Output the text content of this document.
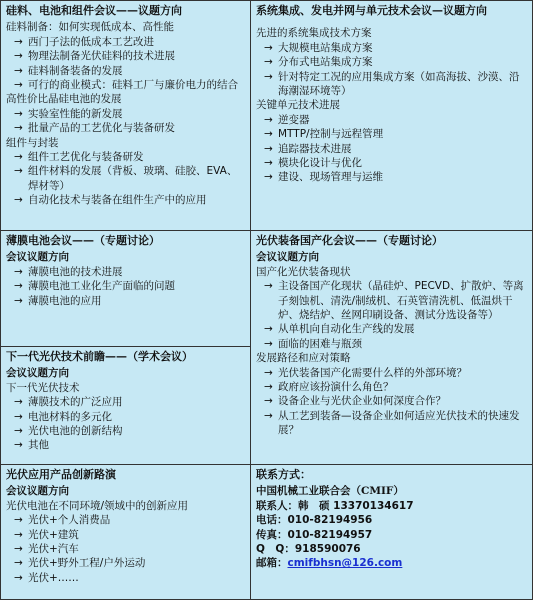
硅料、电池和组件会议——议题方向
硅料制备：如何实现低成本、高性能
→ 西门子法的低成本工艺改进
→ 物理法制备光伏硅料的技术进展
→ 硅料制备装备的发展
→ 可行的商业模式：硅料工厂与廉价电力的结合
高性价比晶硅电池的发展
→ 实验室性能的新发展
→ 批量产品的工艺优化与装备研发
组件与封装
→ 组件工艺优化与装备研发
→ 组件材料的发展（背板、玻璃、硅胶、EVA、焊材等）
→ 自动化技术与装备在组件生产中的应用
系统集成、发电并网与单元技术会议—议题方向
先进的系统集成技术方案
→ 大规模电站集成方案
→ 分布式电站集成方案
→ 针对特定工况的应用集成方案（如高海拔、沙漠、沿海潮湿环境等）
关键单元技术进展
→ 逆变器
→ MTTP/控制与远程管理
→ 追踪器技术进展
→ 模块化设计与优化
→ 建设、现场管理与运维
薄膜电池会议——（专题讨论）
会议议题方向
→ 薄膜电池的技术进展
→ 薄膜电池工业化生产面临的问题
→ 薄膜电池的应用
光伏装备国产化会议——（专题讨论）
会议议题方向
国产化光伏装备现状
→ 主设备国产化现状（晶硅炉、PECVD、扩散炉、等离子刻蚀机、清洗/制绒机、石英管清洗机、低温烘干炉、烧结炉、丝网印刷设备、测试分选设备等）
→ 从单机向自动化生产线的发展
→ 面临的困难与瓶颈
发展路径和应对策略
→ 光伏装备国产化需要什么样的外部环境？
→ 政府应该扮演什么角色？
→ 设备企业与光伏企业如何深度合作？
→ 从工艺到装备—设备企业如何适应光伏技术的快速发展？
下一代光伏技术前瞻——（学术会议）
会议议题方向
下一代光伏技术
→ 薄膜技术的广泛应用
→ 电池材料的多元化
→ 光伏电池的创新结构
→ 其他
光伏应用产品创新路演
会议议题方向
光伏电池在不同环境/领域中的创新应用
→ 光伏+个人消费品
→ 光伏+建筑
→ 光伏+汽车
→ 光伏+野外工程/户外运动
→ 光伏+……
联系方式：
中国机械工业联合会（CMIF）
联系人：韩　硕 13370134617
电话：010-82194956
传真：010-82194957
Q　Q：918590076
邮箱：cmifbhsn@126.com
